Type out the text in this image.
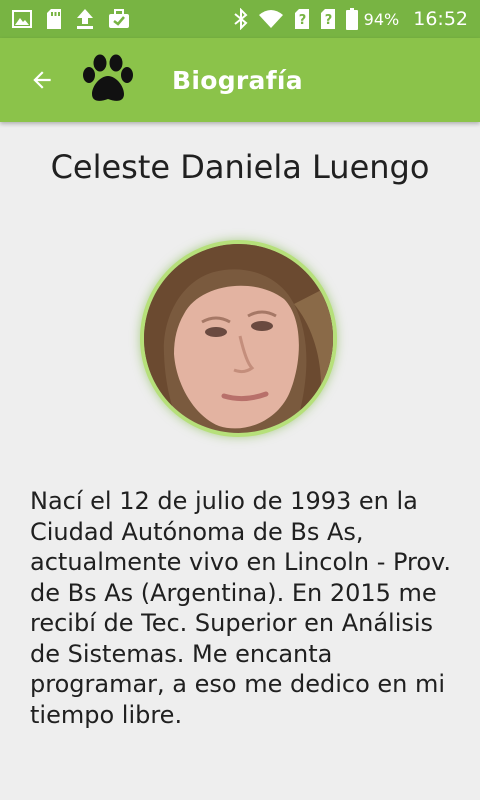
? ? 94% 16:52
Biografía
Celeste Daniela Luengo

Nací el 12 de julio de 1993 en la Ciudad Autónoma de Bs As, actualmente vivo en Lincoln - Prov. de Bs As (Argentina). En 2015 me recibí de Tec. Superior en Análisis de Sistemas. Me encanta programar, a eso me dedico en mi tiempo libre.
